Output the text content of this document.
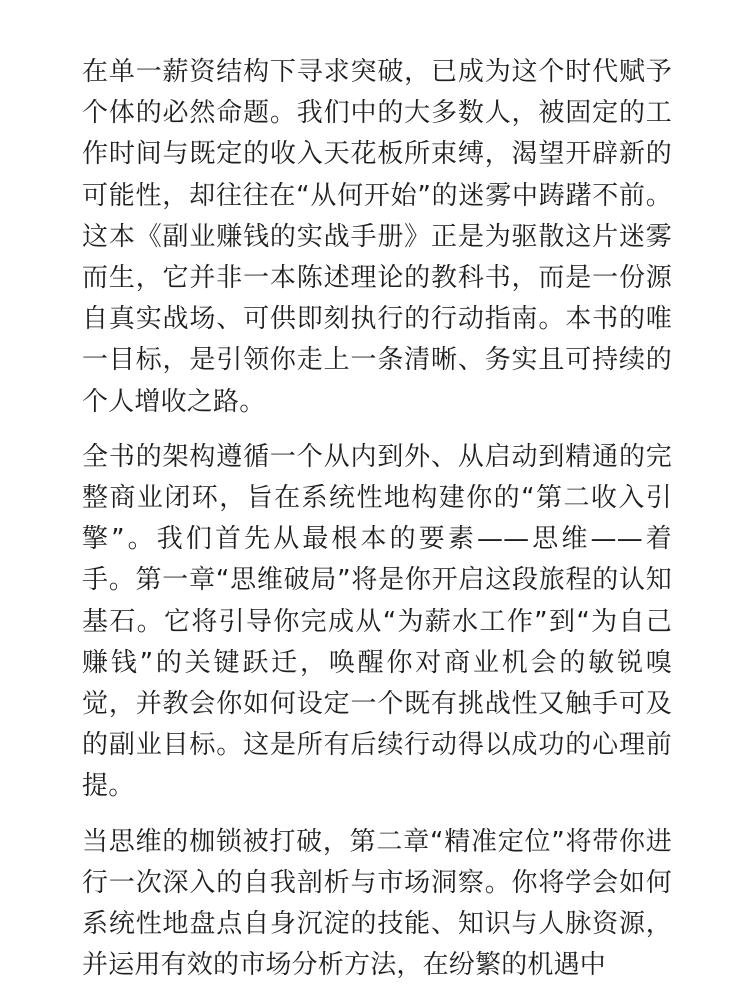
在单一薪资结构下寻求突破，已成为这个时代赋予个体的必然命题。我们中的大多数人，被固定的工作时间与既定的收入天花板所束缚，渴望开辟新的可能性，却往往在“从何开始”的迷雾中踌躇不前。这本《副业赚钱的实战手册》正是为驱散这片迷雾而生，它并非一本陈述理论的教科书，而是一份源自真实战场、可供即刻执行的行动指南。本书的唯一目标，是引领你走上一条清晰、务实且可持续的个人增收之路。

全书的架构遵循一个从内到外、从启动到精通的完整商业闭环，旨在系统性地构建你的“第二收入引擎”。我们首先从最根本的要素——思维——着手。第一章“思维破局”将是你开启这段旅程的认知基石。它将引导你完成从“为薪水工作”到“为自己赚钱”的关键跃迁，唤醒你对商业机会的敏锐嗅觉，并教会你如何设定一个既有挑战性又触手可及的副业目标。这是所有后续行动得以成功的心理前提。

当思维的枷锁被打破，第二章“精准定位”将带你进行一次深入的自我剖析与市场洞察。你将学会如何系统性地盘点自身沉淀的技能、知识与人脉资源，并运用有效的市场分析方法，在纷繁的机遇中
